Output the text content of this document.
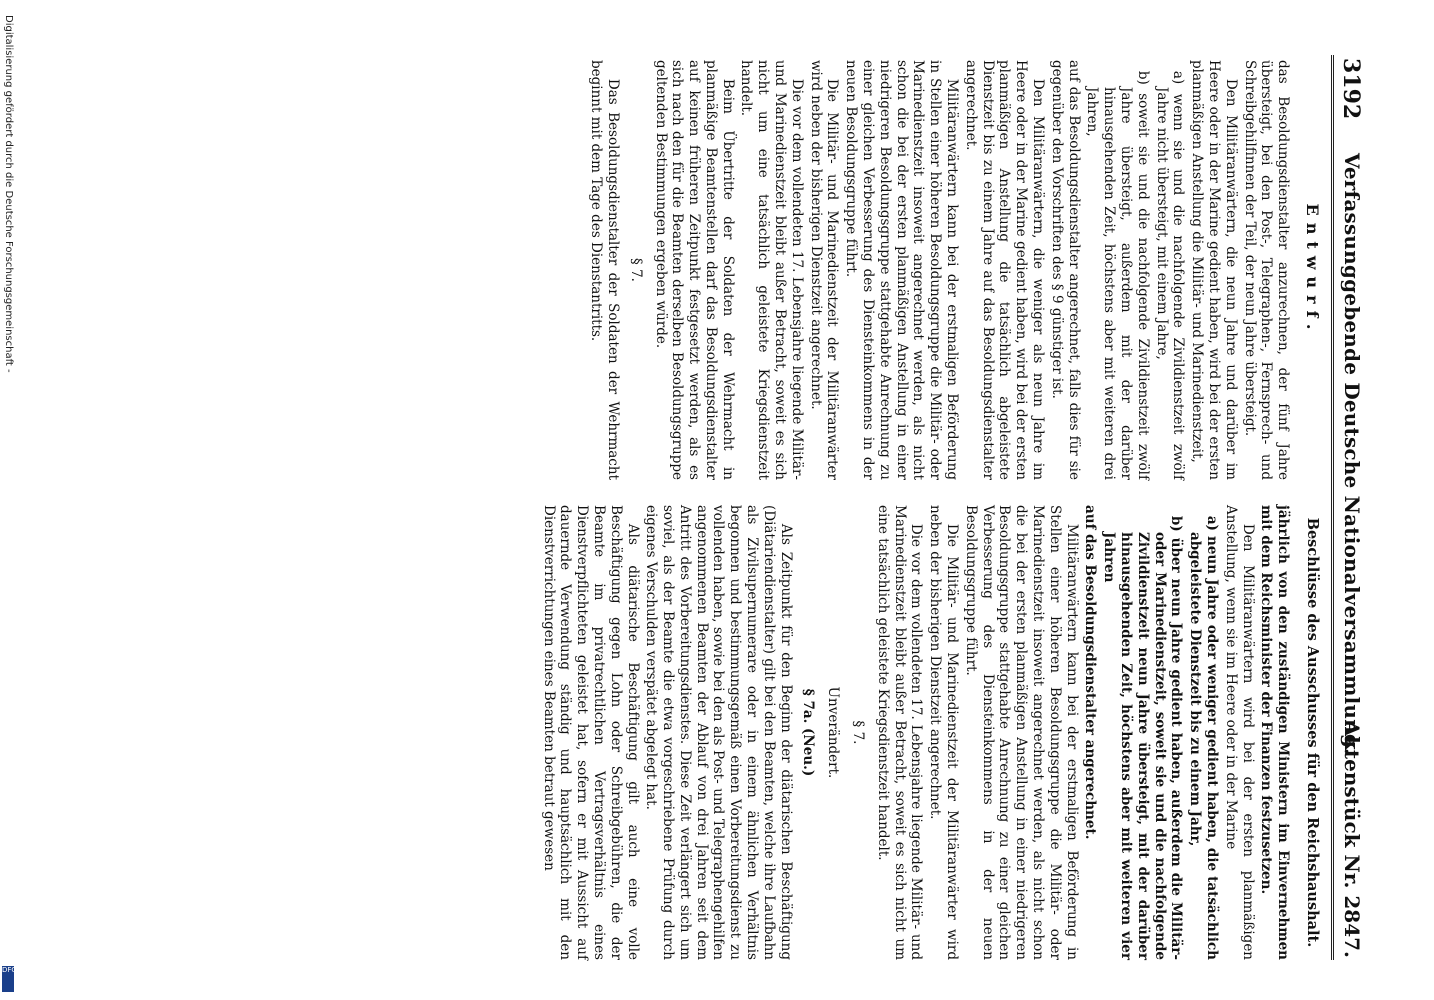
3192
Verfassunggebende Deutsche Nationalversammlung.
Aktenstück Nr. 2847.
Entwurf.

das Besoldungsdienstalter anzurechnen, der fünf Jahre übersteigt, bei den Post-, Telegraphen-, Fernsprech- und Schreibgehilfinnen der Teil, der neun Jahre übersteigt.

Den Militäranwärtern, die neun Jahre und darüber im Heere oder in der Marine gedient haben, wird bei der ersten planmäßigen Anstellung die Militär- und Marinedienstzeit,

a) wenn sie und die nachfolgende Zivildienstzeit zwölf Jahre nicht übersteigt, mit einem Jahre,

b) soweit sie und die nachfolgende Zivildienstzeit zwölf Jahre übersteigt, außerdem mit der darüber hinausgehenden Zeit, höchstens aber mit weiteren drei Jahren,

auf das Besoldungsdienstalter angerechnet, falls dies für sie gegenüber den Vorschriften des § 9 günstiger ist.

Den Militäranwärtern, die weniger als neun Jahre im Heere oder in der Marine gedient haben, wird bei der ersten planmäßigen Anstellung die tatsächlich abgeleistete Dienstzeit bis zu einem Jahre auf das Besoldungsdienstalter angerechnet.

Militäranwärtern kann bei der erstmaligen Beförderung in Stellen einer höheren Besoldungsgruppe die Militär- oder Marinedienstzeit insoweit angerechnet werden, als nicht schon die bei der ersten planmäßigen Anstellung in einer niedrigeren Besoldungsgruppe stattgehabte Anrechnung zu einer gleichen Verbesserung des Diensteinkommens in der neuen Besoldungsgruppe führt.

Die Militär- und Marinedienstzeit der Militäranwärter wird neben der bisherigen Dienstzeit angerechnet.

Die vor dem vollendeten 17. Lebensjahre liegende Militär- und Marinedienstzeit bleibt außer Betracht, soweit es sich nicht um eine tatsächlich geleistete Kriegsdienstzeit handelt.

Beim Übertritte der Soldaten der Wehrmacht in planmäßige Beamtenstellen darf das Besoldungsdienstalter auf keinen früheren Zeitpunkt festgesetzt werden, als es sich nach den für die Beamten derselben Besoldungsgruppe geltenden Bestimmungen ergeben würde.

§ 7.

Das Besoldungsdienstalter der Soldaten der Wehrmacht beginnt mit dem Tage des Dienstantritts.

Beschlüsse des Ausschusses für den Reichshaushalt.

jährlich von den zuständigen Ministern im Einvernehmen mit dem Reichsminister der Finanzen festzusetzen.

Den Militäranwärtern wird bei der ersten planmäßigen Anstellung, wenn sie im Heere oder in der Marine

a) neun Jahre oder weniger gedient haben, die tatsächlich abgeleistete Dienstzeit bis zu einem Jahr,

b) über neun Jahre gedient haben, außerdem die Militär- oder Marinedienstzeit, soweit sie und die nachfolgende Zivildienstzeit neun Jahre übersteigt, mit der darüber hinausgehenden Zeit, höchstens aber mit weiteren vier Jahren

auf das Besoldungsdienstalter angerechnet.

Militäranwärtern kann bei der erstmaligen Beförderung in Stellen einer höheren Besoldungsgruppe die Militär- oder Marinedienstzeit insoweit angerechnet werden, als nicht schon die bei der ersten planmäßigen Anstellung in einer niedrigeren Besoldungsgruppe stattgehabte Anrechnung zu einer gleichen Verbesserung des Diensteinkommens in der neuen Besoldungsgruppe führt.

Die Militär- und Marinedienstzeit der Militäranwärter wird neben der bisherigen Dienstzeit angerechnet.

Die vor dem vollendeten 17. Lebensjahre liegende Militär- und Marinedienstzeit bleibt außer Betracht, soweit es sich nicht um eine tatsächlich geleistete Kriegsdienstzeit handelt.

§ 7.

Unverändert.

§ 7a. (Neu.)

Als Zeitpunkt für den Beginn der diätarischen Beschäftigung (Diätariendienstalter) gilt bei den Beamten, welche ihre Laufbahn als Zivilsupernumerare oder in einem ähnlichen Verhältnis begonnen und bestimmungsgemäß einen Vorbereitungsdienst zu vollenden haben, sowie bei den als Post- und Telegraphengehilfen angenommenen Beamten der Ablauf von drei Jahren seit dem Antritt des Vorbereitungsdienstes. Diese Zeit verlängert sich um soviel, als der Beamte die etwa vorgeschriebene Prüfung durch eigenes Verschulden verspätet abgelegt hat.

Als diätarische Beschäftigung gilt auch eine volle Beschäftigung gegen Lohn oder Schreibgebühren, die der Beamte im privatrechtlichen Vertragsverhältnis eines Dienstverpflichteten geleistet hat, sofern er mit Aussicht auf dauernde Verwendung ständig und hauptsächlich mit den Dienstverrichtungen eines Beamten betraut gewesen

Digitalisierung gefördert durch die Deutsche Forschungsgemeinschaft -
DFG
